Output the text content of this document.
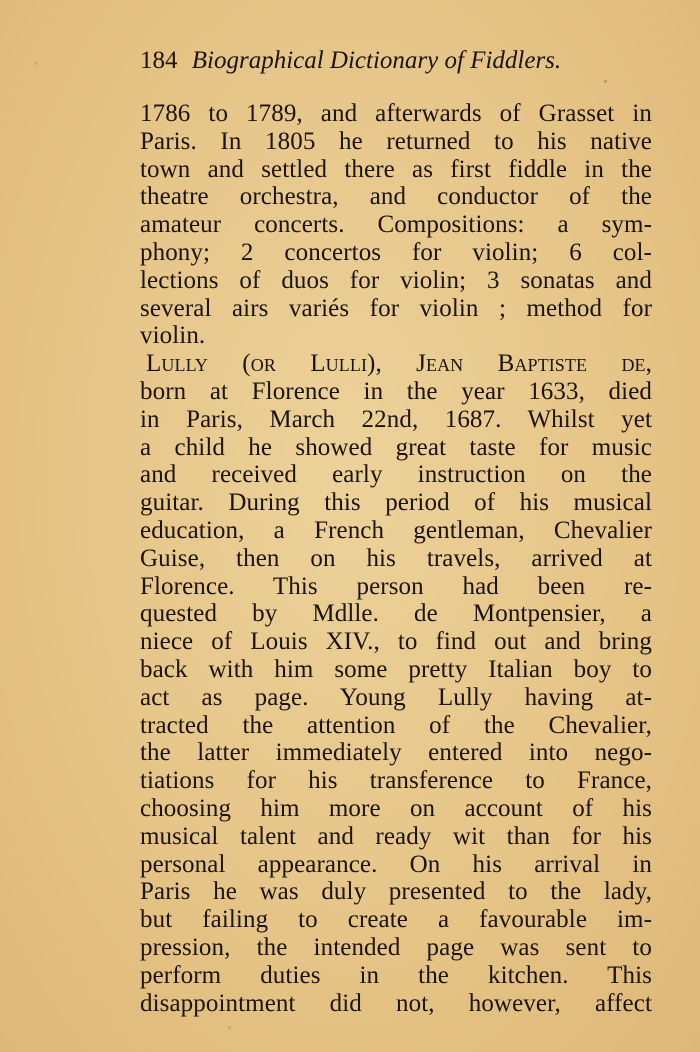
184 Biographical Dictionary of Fiddlers.
1786 to 1789, and afterwards of Grasset in
Paris. In 1805 he returned to his native
town and settled there as first fiddle in the
theatre orchestra, and conductor of the
amateur concerts. Compositions: a sym-
phony; 2 concertos for violin; 6 col-
lections of duos for violin; 3 sonatas and
several airs variés for violin ; method for
violin.
Lully (or Lulli), Jean Baptiste de,
born at Florence in the year 1633, died
in Paris, March 22nd, 1687. Whilst yet
a child he showed great taste for music
and received early instruction on the
guitar. During this period of his musical
education, a French gentleman, Chevalier
Guise, then on his travels, arrived at
Florence. This person had been re-
quested by Mdlle. de Montpensier, a
niece of Louis XIV., to find out and bring
back with him some pretty Italian boy to
act as page. Young Lully having at-
tracted the attention of the Chevalier,
the latter immediately entered into nego-
tiations for his transference to France,
choosing him more on account of his
musical talent and ready wit than for his
personal appearance. On his arrival in
Paris he was duly presented to the lady,
but failing to create a favourable im-
pression, the intended page was sent to
perform duties in the kitchen. This
disappointment did not, however, affect
